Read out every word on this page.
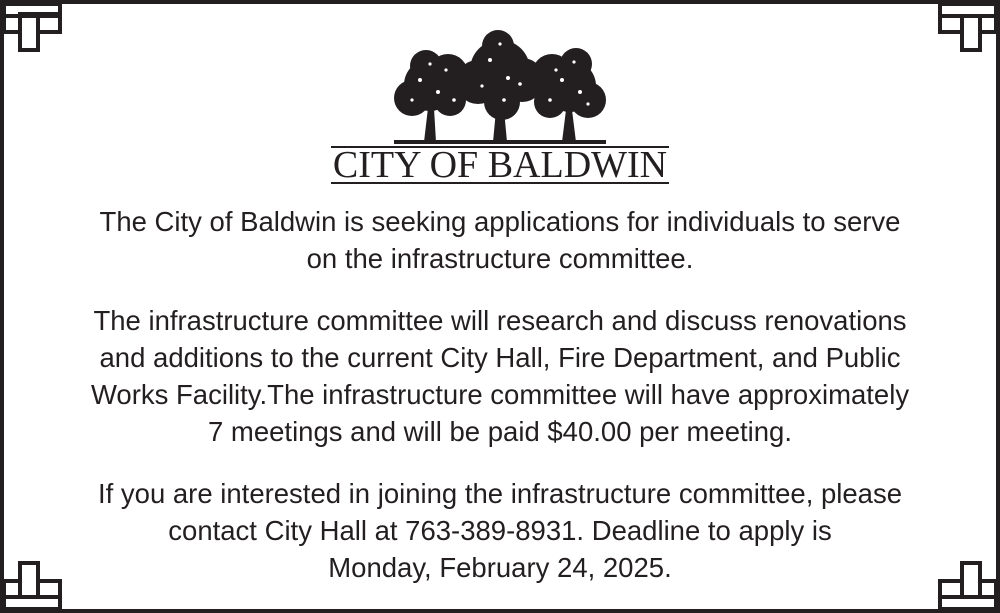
CITY OF BALDWIN

The City of Baldwin is seeking applications for individuals to serve
on the infrastructure committee.

The infrastructure committee will research and discuss renovations
and additions to the current City Hall, Fire Department, and Public
Works Facility.The infrastructure committee will have approximately
7 meetings and will be paid $40.00 per meeting.

If you are interested in joining the infrastructure committee, please
contact City Hall at 763-389-8931. Deadline to apply is
Monday, February 24, 2025.
